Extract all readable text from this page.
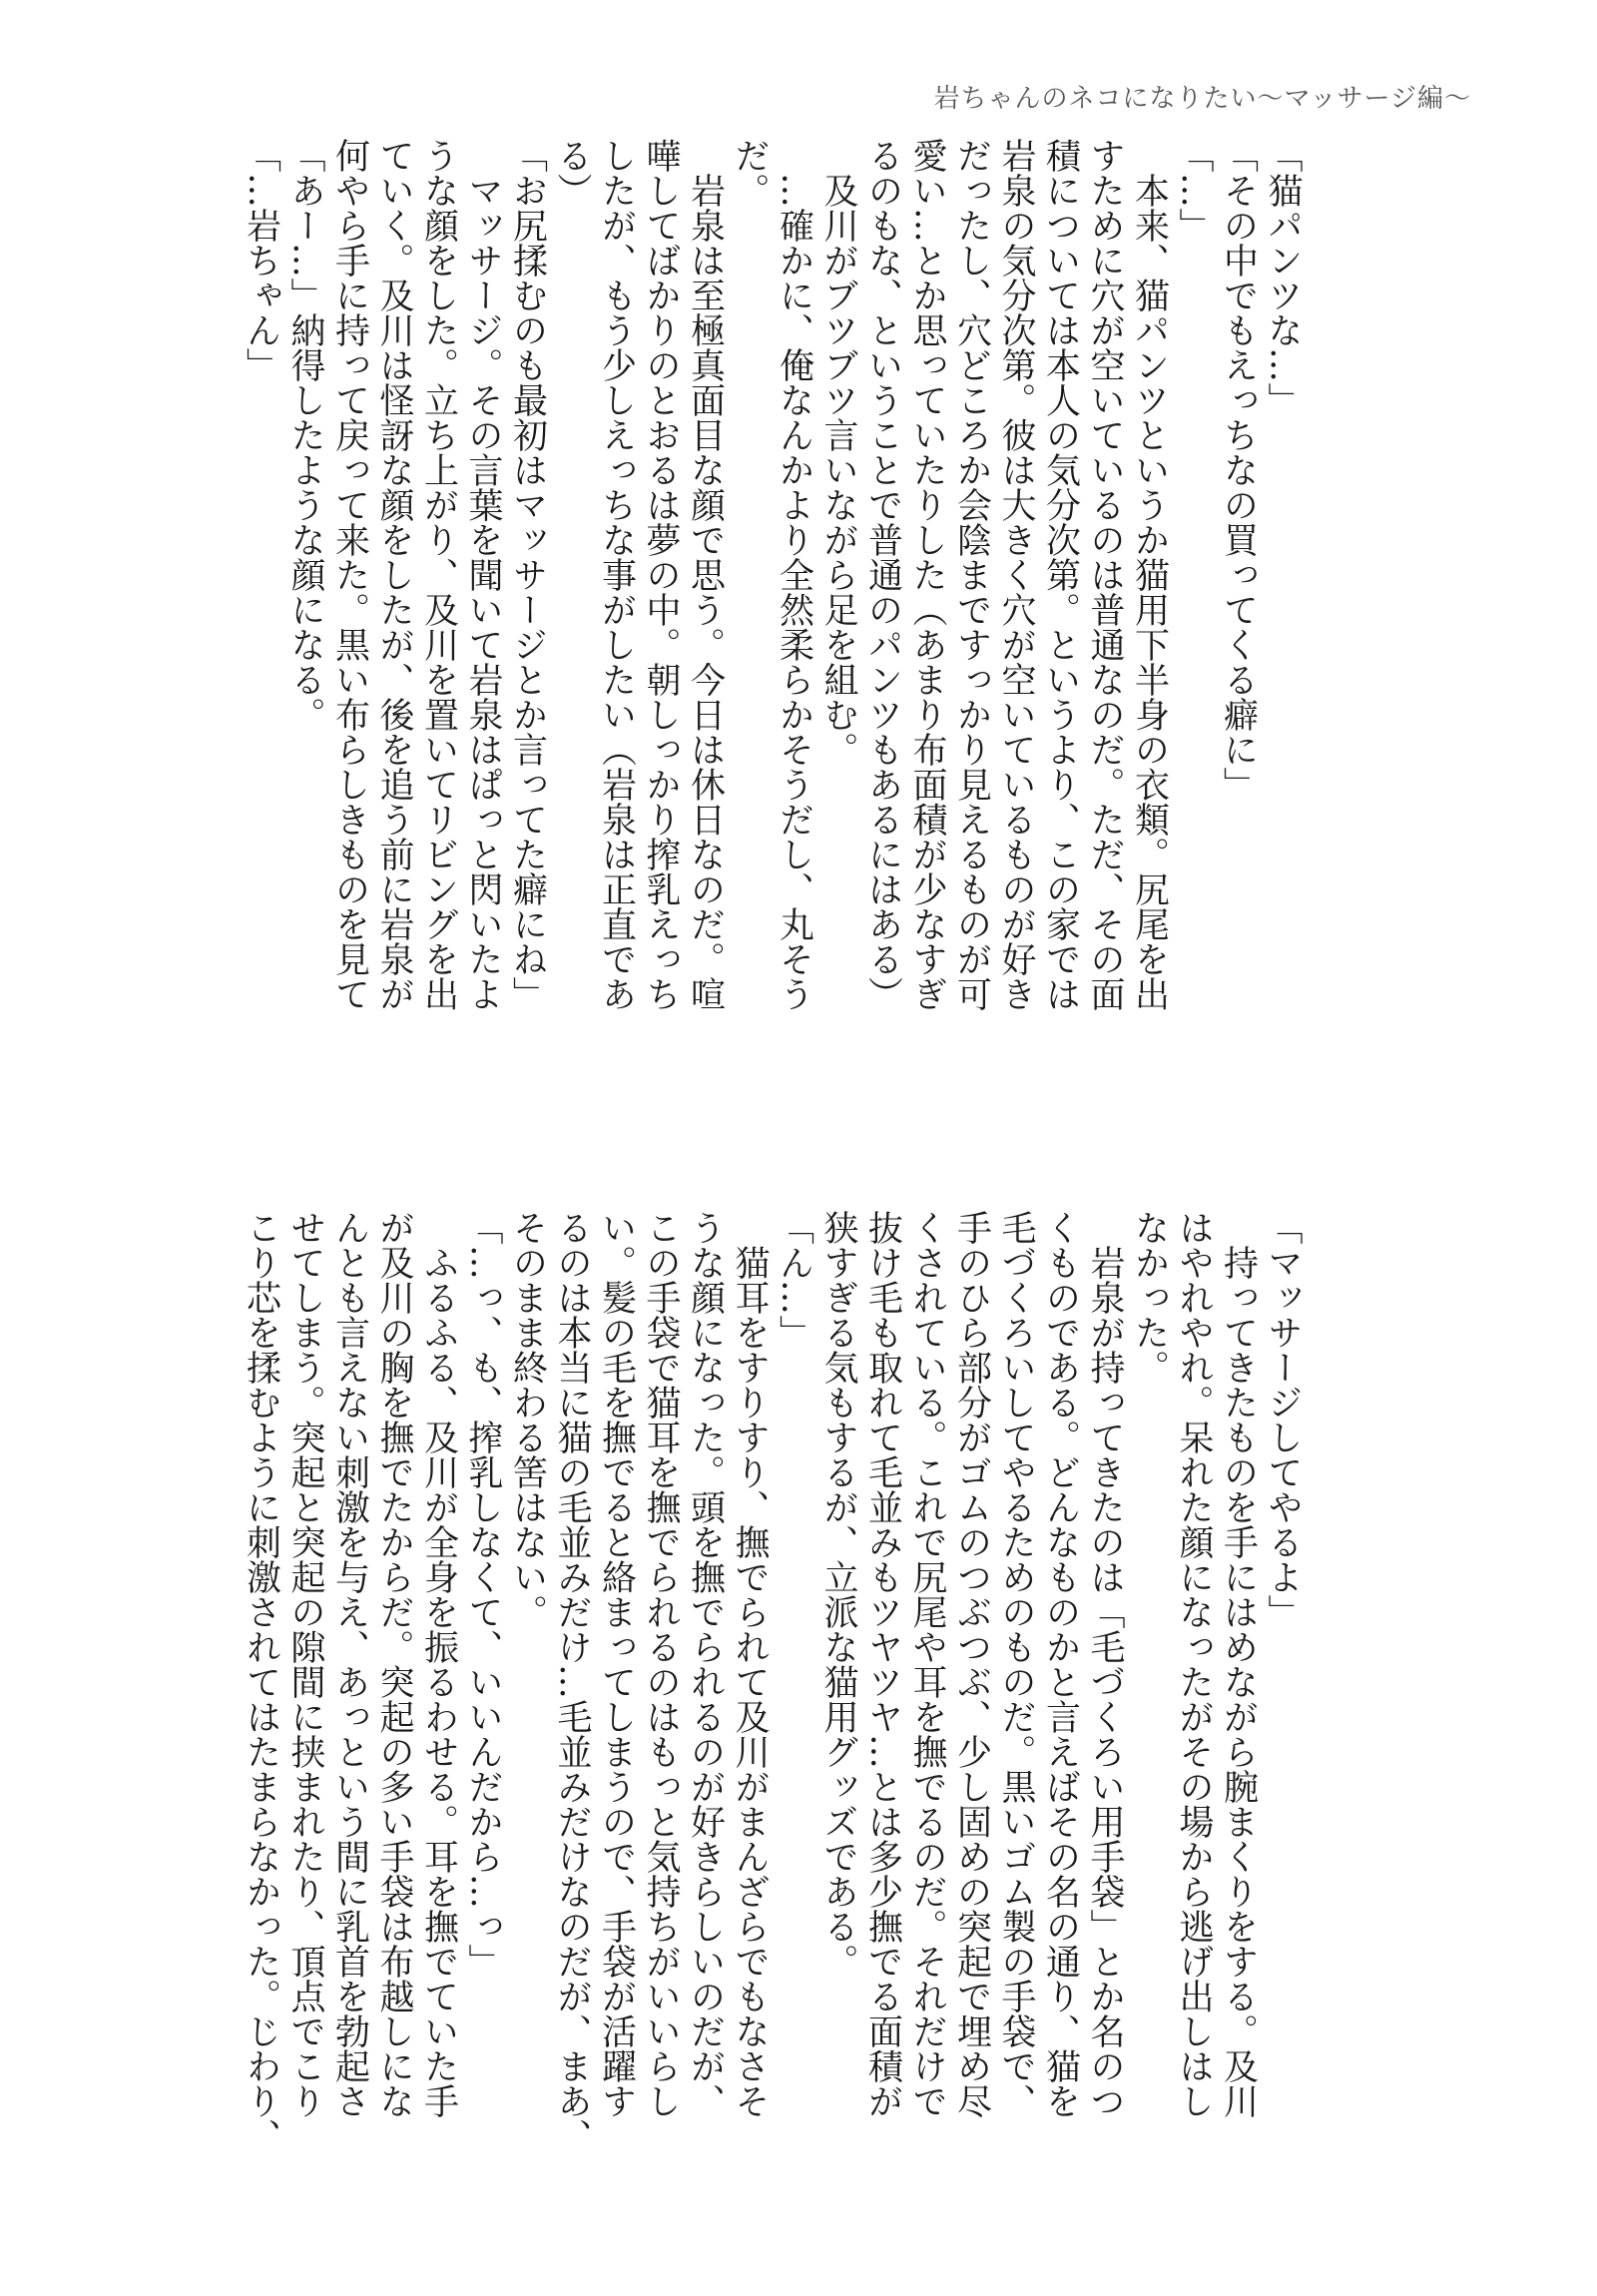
岩ちゃんのネコになりたい〜マッサージ編〜
「猫パンツな…」
「その中でもえっちなの買ってくる癖に」
「…」
　本来、猫パンツというか猫用下半身の衣類。尻尾を出
すために穴が空いているのは普通なのだ。ただ、その面
積については本人の気分次第。というより、この家では
岩泉の気分次第。彼は大きく穴が空いているものが好き
だったし、穴どころか会陰まですっかり見えるものが可
愛い…とか思っていたりした（あまり布面積が少なすぎ
るのもな、ということで普通のパンツもあるにはある）
　及川がブツブツ言いながら足を組む。
　…確かに、俺なんかより全然柔らかそうだし、丸そう
だ。
　岩泉は至極真面目な顔で思う。今日は休日なのだ。喧
嘩してばかりのとおるは夢の中。朝しっかり搾乳えっち
したが、もう少しえっちな事がしたい（岩泉は正直であ
る）
「お尻揉むのも最初はマッサージとか言ってた癖にね」
　マッサージ。その言葉を聞いて岩泉はぱっと閃いたよ
うな顔をした。立ち上がり、及川を置いてリビングを出
ていく。及川は怪訝な顔をしたが、後を追う前に岩泉が
何やら手に持って戻って来た。黒い布らしきものを見て
「あー…」納得したような顔になる。
「…岩ちゃん」
「マッサージしてやるよ」
　持ってきたものを手にはめながら腕まくりをする。及川
はやれやれ。呆れた顔になったがその場から逃げ出しはし
なかった。
　岩泉が持ってきたのは「毛づくろい用手袋」とか名のつ
くものである。どんなものかと言えばその名の通り、猫を
毛づくろいしてやるためのものだ。黒いゴム製の手袋で、
手のひら部分がゴムのつぶつぶ、少し固めの突起で埋め尽
くされている。これで尻尾や耳を撫でるのだ。それだけで
抜け毛も取れて毛並みもツヤツヤ…とは多少撫でる面積が
狭すぎる気もするが、立派な猫用グッズである。
「ん…」
　猫耳をすりすり、撫でられて及川がまんざらでもなさそ
うな顔になった。頭を撫でられるのが好きらしいのだが、
この手袋で猫耳を撫でられるのはもっと気持ちがいいらし
い。髪の毛を撫でると絡まってしまうので、手袋が活躍す
るのは本当に猫の毛並みだけ…毛並みだけなのだが、まあ、
そのまま終わる筈はない。
「…っ、も、搾乳しなくて、いいんだから…っ」
　ふるふる、及川が全身を振るわせる。耳を撫でていた手
が及川の胸を撫でたからだ。突起の多い手袋は布越しにな
んとも言えない刺激を与え、あっという間に乳首を勃起さ
せてしまう。突起と突起の隙間に挟まれたり、頂点でこり
こり芯を揉むように刺激されてはたまらなかった。じわり、
